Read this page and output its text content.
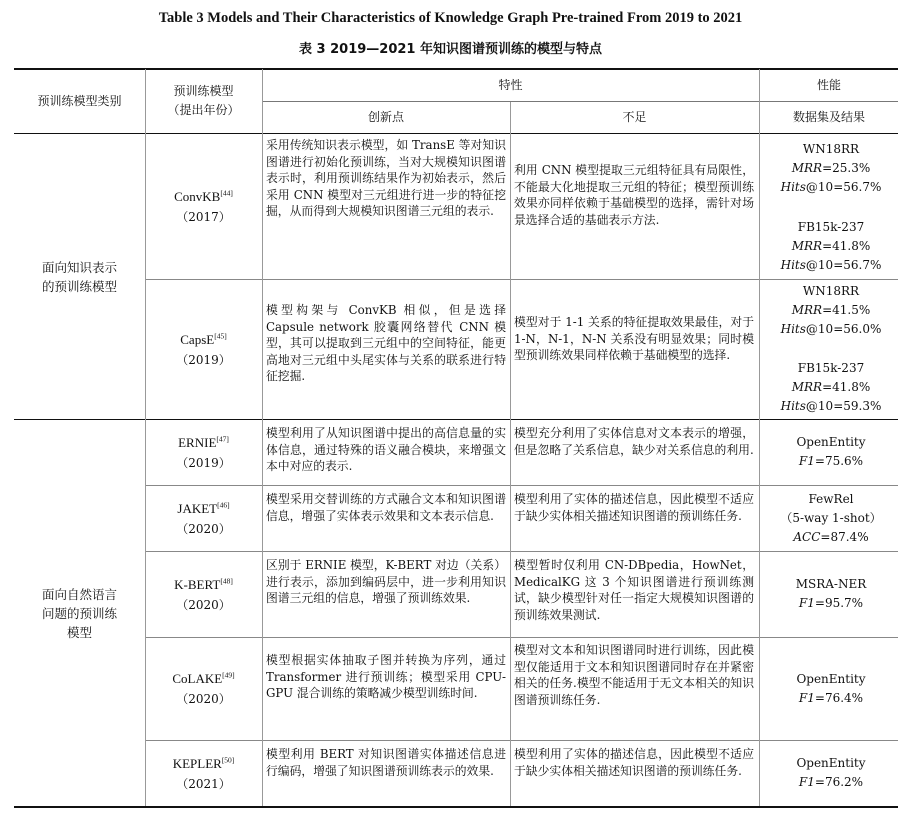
Table 3 Models and Their Characteristics of Knowledge Graph Pre-trained From 2019 to 2021
表 3 2019—2021 年知识图谱预训练的模型与特点
预训练模型类别
预训练模型
（提出年份）
特性
创新点	不足
性能
数据集及结果
面向知识表示
的预训练模型
面向自然语言
问题的预训练
模型
ConvKB[44]
（2017）
采用传统知识表示模型，如 TransE 等对知识图谱进行初始化预训练，当对大规模知识图谱表示时，利用预训练结果作为初始表示，然后采用 CNN 模型对三元组进行进一步的特征挖掘，从而得到大规模知识图谱三元组的表示.
利用 CNN 模型提取三元组特征具有局限性，不能最大化地提取三元组的特征；模型预训练效果亦同样依赖于基础模型的选择，需针对场景选择合适的基础表示方法.
WN18RR
MRR=25.3%
Hits@10=56.7%
FB15k-237
MRR=41.8%
Hits@10=56.7%
CapsE[45]
（2019）
模型构架与 ConvKB 相似，但是选择 Capsule network 胶囊网络替代 CNN 模型，其可以提取到三元组中的空间特征，能更高地对三元组中头尾实体与关系的联系进行特征挖掘.
模型对于 1-1 关系的特征提取效果最佳，对于 1-N，N-1，N-N 关系没有明显效果；同时模型预训练效果同样依赖于基础模型的选择.
WN18RR
MRR=41.5%
Hits@10=56.0%
FB15k-237
MRR=41.8%
Hits@10=59.3%
ERNIE[47]
（2019）
模型利用了从知识图谱中提出的高信息量的实体信息，通过特殊的语义融合模块，来增强文本中对应的表示.
模型充分利用了实体信息对文本表示的增强，但是忽略了关系信息，缺少对关系信息的利用.
OpenEntity
F1=75.6%
JAKET[46]
（2020）
模型采用交替训练的方式融合文本和知识图谱信息，增强了实体表示效果和文本表示信息.
模型利用了实体的描述信息，因此模型不适应于缺少实体相关描述知识图谱的预训练任务.
FewRel
（5-way 1-shot）
ACC=87.4%
K-BERT[48]
（2020）
区别于 ERNIE 模型，K-BERT 对边（关系）进行表示，添加到编码层中，进一步利用知识图谱三元组的信息，增强了预训练效果.
模型暂时仅利用 CN-DBpedia，HowNet，MedicalKG 这 3 个知识图谱进行预训练测试，缺少模型针对任一指定大规模知识图谱的预训练效果测试.
MSRA-NER
F1=95.7%
CoLAKE[49]
（2020）
模型根据实体抽取子图并转换为序列，通过 Transformer 进行预训练；模型采用 CPU-GPU 混合训练的策略减少模型训练时间.
模型对文本和知识图谱同时进行训练，因此模型仅能适用于文本和知识图谱同时存在并紧密相关的任务.模型不能适用于无文本相关的知识图谱预训练任务.
OpenEntity
F1=76.4%
KEPLER[50]
（2021）
模型利用 BERT 对知识图谱实体描述信息进行编码，增强了知识图谱预训练表示的效果.
模型利用了实体的描述信息，因此模型不适应于缺少实体相关描述知识图谱的预训练任务.
OpenEntity
F1=76.2%
